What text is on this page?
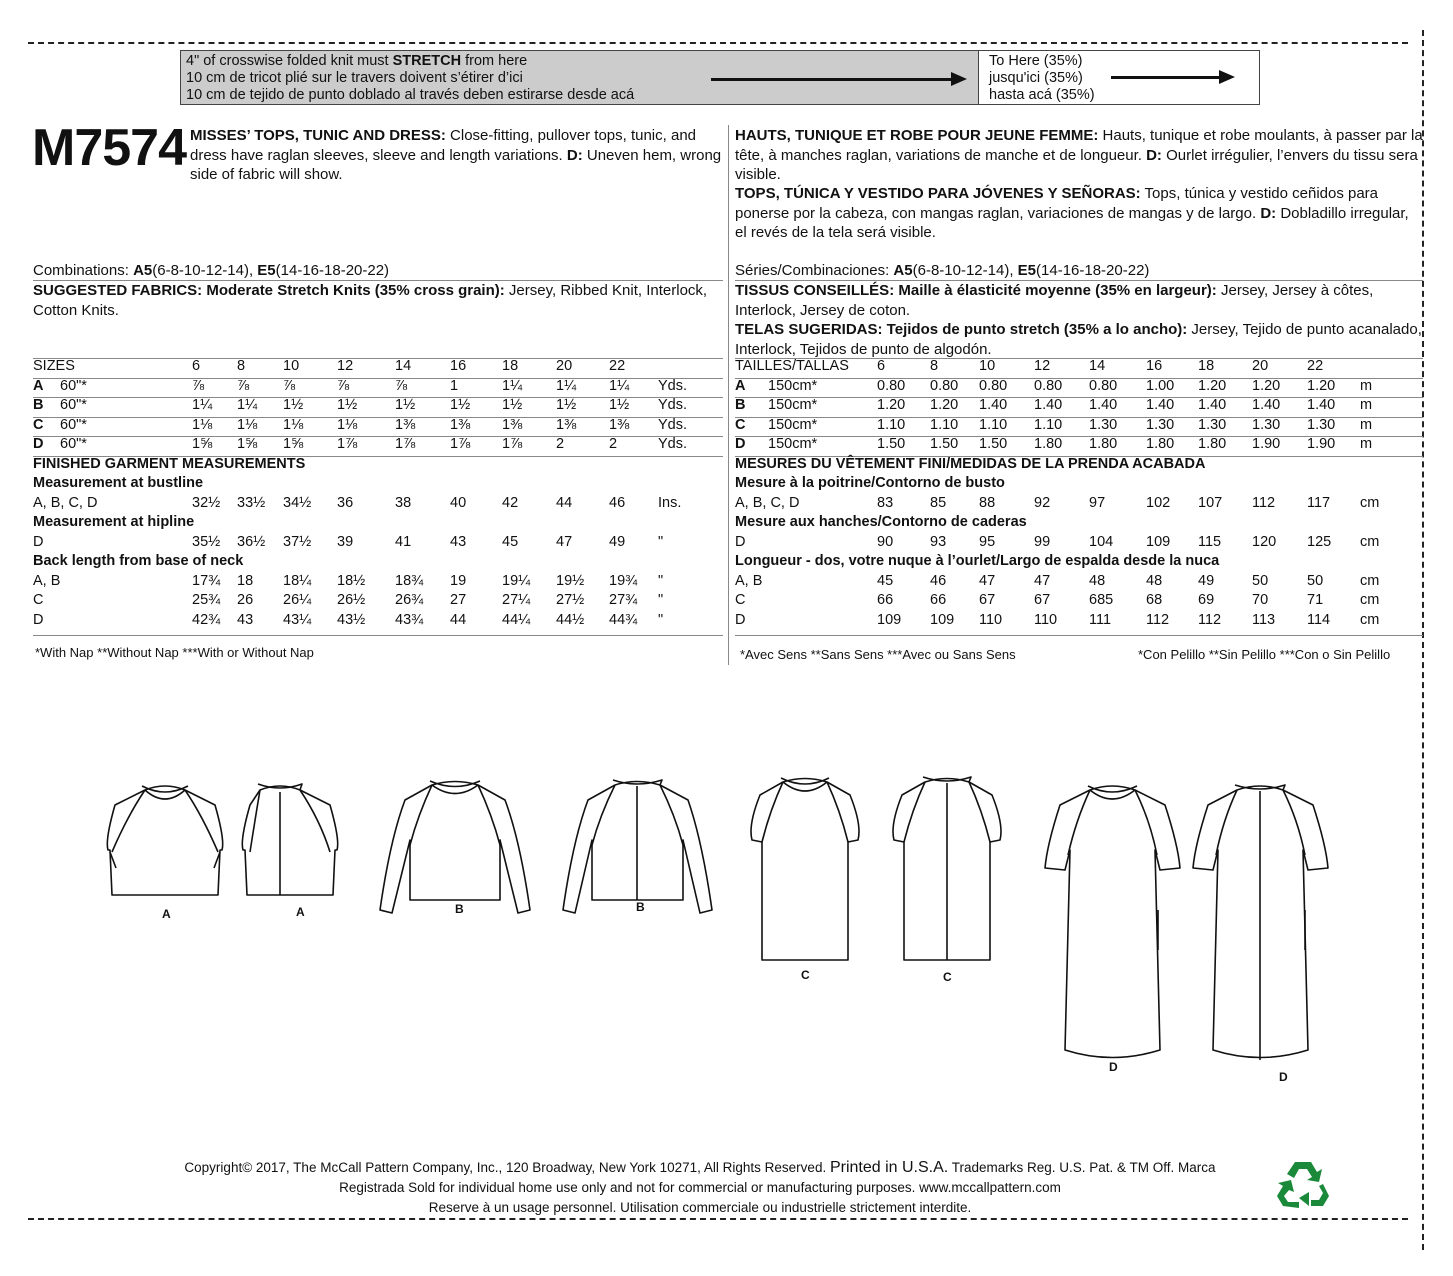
4" of crosswise folded knit must STRETCH from here
10 cm de tricot plié sur le travers doivent s’étirer d’ici
10 cm de tejido de punto doblado al través deben estirarse desde acá
To Here (35%)
jusqu'ici (35%)
hasta acá (35%)
M7574 MISSES’ TOPS, TUNIC AND DRESS: Close-fitting, pullover tops, tunic, and dress have raglan sleeves, sleeve and length variations. D: Uneven hem, wrong side of fabric will show.
HAUTS, TUNIQUE ET ROBE POUR JEUNE FEMME: Hauts, tunique et robe moulants, à passer par la tête, à manches raglan, variations de manche et de longueur. D: Ourlet irrégulier, l’envers du tissu sera visible.
TOPS, TÚNICA Y VESTIDO PARA JÓVENES Y SEÑORAS: Tops, túnica y vestido ceñidos para ponerse por la cabeza, con mangas raglan, variaciones de mangas y de largo. D: Dobladillo irregular, el revés de la tela será visible.
Combinations: A5(6-8-10-12-14), E5(14-16-18-20-22)	Séries/Combinaciones: A5(6-8-10-12-14), E5(14-16-18-20-22)
SUGGESTED FABRICS: Moderate Stretch Knits (35% cross grain): Jersey, Ribbed Knit, Interlock, Cotton Knits.
TISSUS CONSEILLÉS: Maille à élasticité moyenne (35% en largeur): Jersey, Jersey à côtes, Interlock, Jersey de coton.
TELAS SUGERIDAS: Tejidos de punto stretch (35% a lo ancho): Jersey, Tejido de punto acanalado, Interlock, Tejidos de punto de algodón.
SIZES	6	8	10	12	14	16 18	20	22
A 60"*	⅞ ⅞ ⅞	⅞	⅞	1	1¼ 1¼ 1¼ Yds.
B 60"*	1¼ 1¼ 1½ 1½	1½ 1½ 1½ 1½ 1½ Yds.
C 60"*	1⅛ 1⅛ 1⅛ 1⅛	1⅜ 1⅜ 1⅜ 1⅜ 1⅜ Yds.
D 60"*	1⅝ 1⅝ 1⅝ 1⅞	1⅞ 1⅞ 1⅞ 2	2	Yds.
FINISHED GARMENT MEASUREMENTS
Measurement at bustline
A, B, C, D	32½ 33½ 34½ 36	38	40 42	44	46 Ins.
Measurement at hipline
D	35½ 36½ 37½ 39	41	43 45	47	49 "
Back length from base of neck
A, B	17¾ 18 18¼ 18½ 18¾ 19 19¼ 19½ 19¾ "
C	25¾ 26 26¼ 26½ 26¾ 27 27¼ 27½ 27¾ "
D	42¾ 43 43¼ 43½ 43¾ 44 44¼ 44½ 44¾ "
TAILLES/TALLAS 6	8	10	12	14	16 18	20	22
A 150cm*	0.80 0.80 0.80 0.80 0.80 1.00 1.20 1.20 1.20 m
B 150cm*	1.20 1.20 1.40 1.40 1.40 1.40 1.40 1.40 1.40 m
C 150cm*	1.10 1.10 1.10 1.10 1.30 1.30 1.30 1.30 1.30 m
D 150cm*	1.50 1.50 1.50 1.80 1.80 1.80 1.80 1.90 1.90 m
MESURES DU VÊTEMENT FINI/MEDIDAS DE LA PRENDA ACABADA
Mesure à la poitrine/Contorno de busto
A, B, C, D	83	85 88	92	97	102 107 112 117 cm
Mesure aux hanches/Contorno de caderas
D	90	93 95	99	104 109 115 120 125 cm
Longueur - dos, votre nuque à l’ourlet/Largo de espalda desde la nuca
A, B	45	46 47	47	48	48 49	50	50	cm
C	66	66 67	67	685 68 69	70	71	cm
D	109 109 110 110 111 112 112 113 114 cm
*With Nap **Without Nap ***With or Without Nap	*Avec Sens **Sans Sens ***Avec ou Sans Sens	*Con Pelillo **Sin Pelillo ***Con o Sin Pelillo
A	A	B	B
C	C
D
D
Copyright© 2017, The McCall Pattern Company, Inc., 120 Broadway, New York 10271, All Rights Reserved. Printed in U.S.A. Trademarks Reg. U.S. Pat. & TM Off. Marca
Registrada Sold for individual home use only and not for commercial or manufacturing purposes. www.mccallpattern.com
Reserve à un usage personnel. Utilisation commerciale ou industrielle strictement interdite.
